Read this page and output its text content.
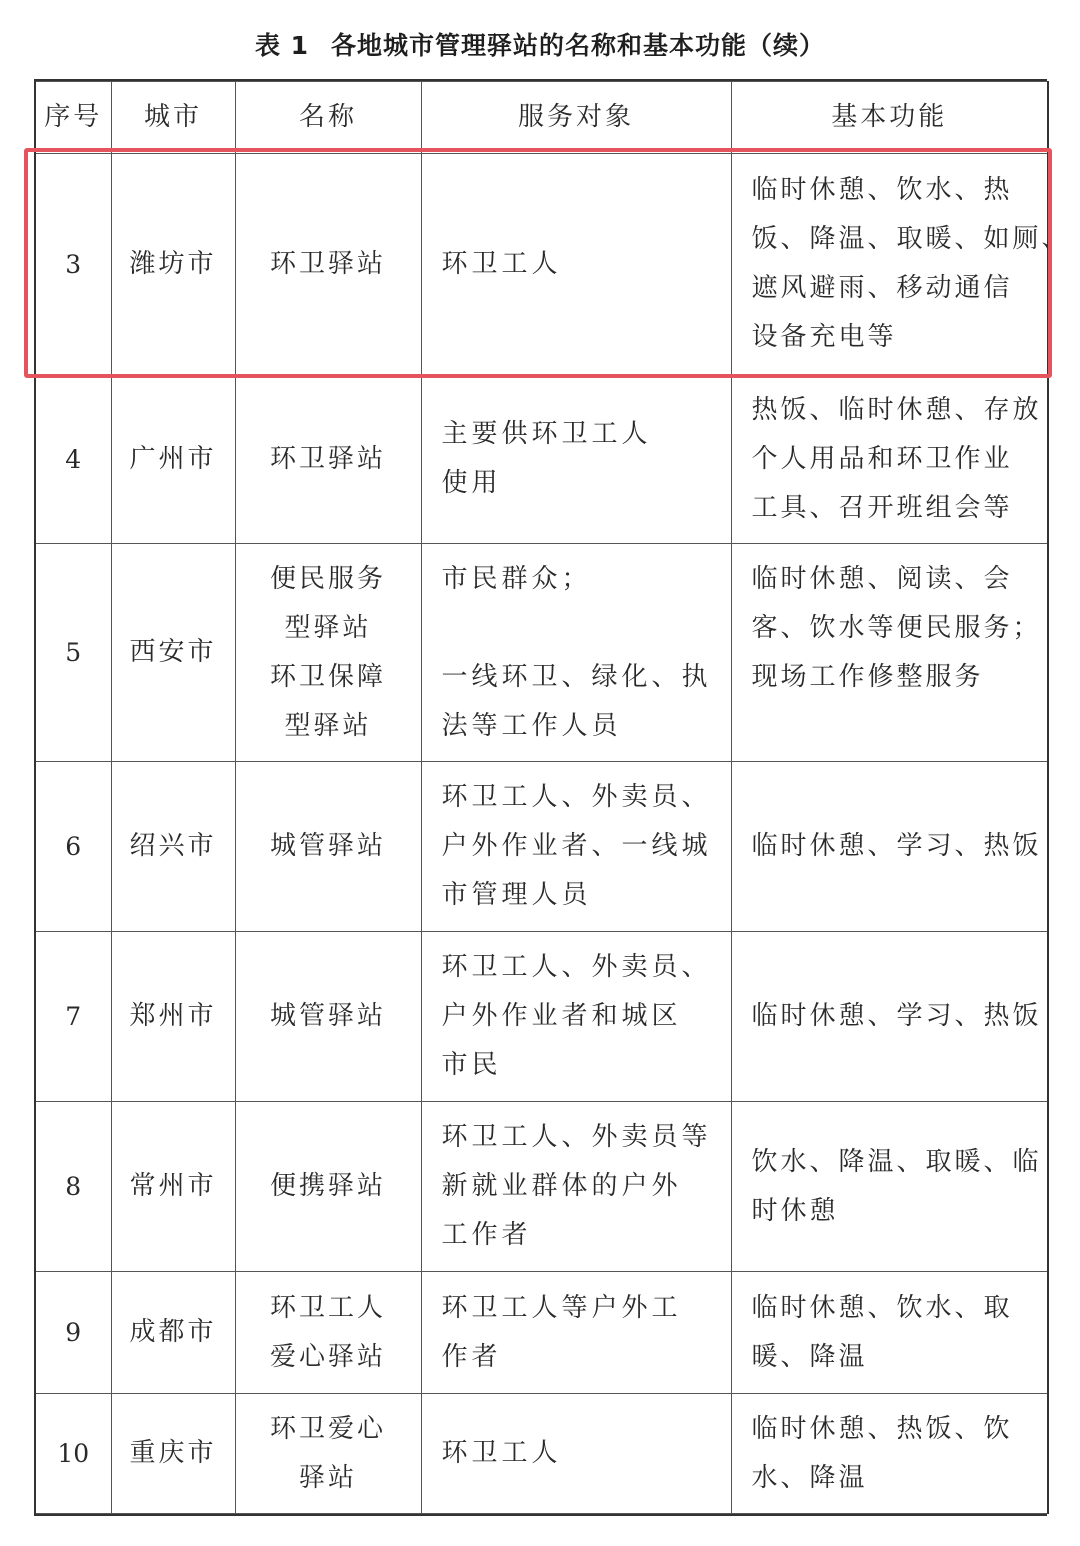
表 1 各地城市管理驿站的名称和基本功能（续）
序号	城市	名称	服务对象	基本功能
3	潍坊市	环卫驿站	环卫工人	临时休憩、饮水、热
饭、降温、取暖、如厕、
遮风避雨、移动通信
设备充电等

4	广州市	环卫驿站	主要供环卫工人
使用	热饭、临时休憩、存放
个人用品和环卫作业
工具、召开班组会等

5	西安市	便民服务
型驿站
环卫保障
型驿站	市民群众；
一线环卫、绿化、执
法等工作人员	临时休憩、阅读、会
客、饮水等便民服务；
现场工作修整服务

6	绍兴市	城管驿站	环卫工人、外卖员、
户外作业者、一线城
市管理人员	临时休憩、学习、热饭

7	郑州市	城管驿站	环卫工人、外卖员、
户外作业者和城区
市民	临时休憩、学习、热饭

8	常州市	便携驿站	环卫工人、外卖员等
新就业群体的户外
工作者	饮水、降温、取暖、临
时休憩

9	成都市	环卫工人
爱心驿站	环卫工人等户外工
作者	临时休憩、饮水、取
暖、降温

10	重庆市	环卫爱心
驿站	环卫工人	临时休憩、热饭、饮
水、降温
